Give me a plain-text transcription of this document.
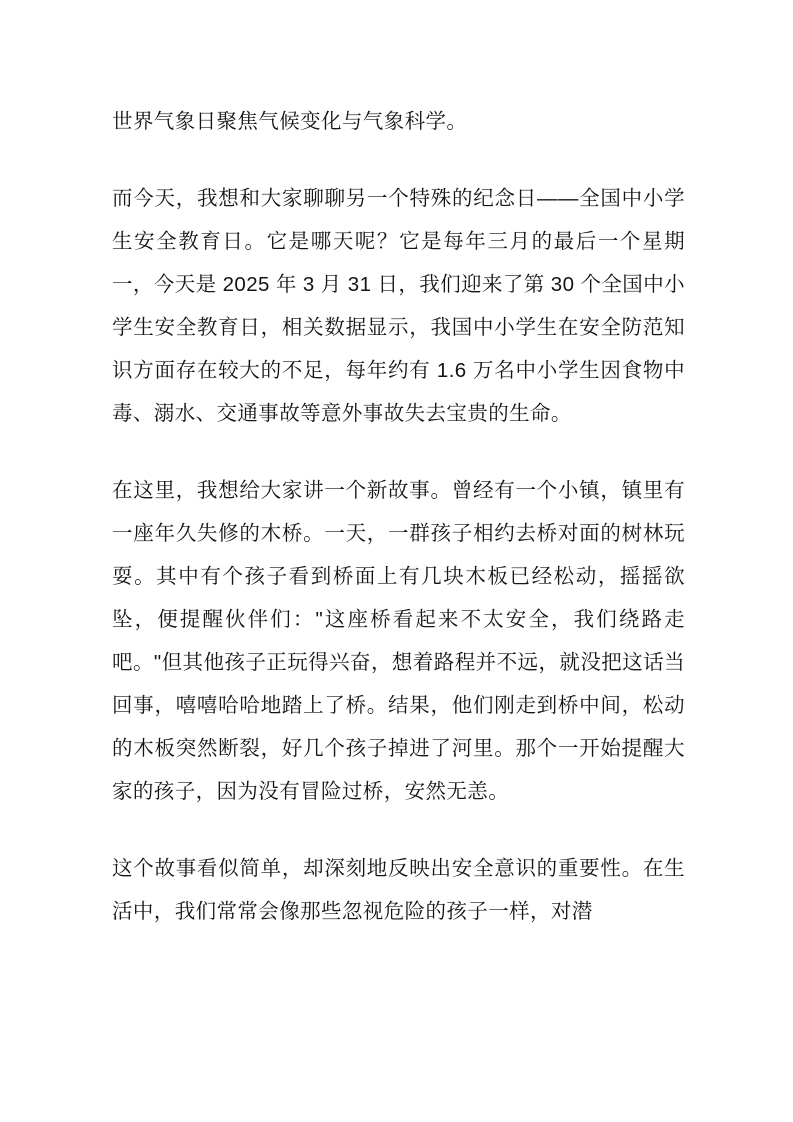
世界气象日聚焦气候变化与气象科学。

而今天，我想和大家聊聊另一个特殊的纪念日——全国中小学生安全教育日。它是哪天呢？它是每年三月的最后一个星期一，今天是 2025 年 3 月 31 日，我们迎来了第 30 个全国中小学生安全教育日，相关数据显示，我国中小学生在安全防范知识方面存在较大的不足，每年约有 1.6 万名中小学生因食物中毒、溺水、交通事故等意外事故失去宝贵的生命。

在这里，我想给大家讲一个新故事。曾经有一个小镇，镇里有一座年久失修的木桥。一天，一群孩子相约去桥对面的树林玩耍。其中有个孩子看到桥面上有几块木板已经松动，摇摇欲坠，便提醒伙伴们："这座桥看起来不太安全，我们绕路走吧。"但其他孩子正玩得兴奋，想着路程并不远，就没把这话当回事，嘻嘻哈哈地踏上了桥。结果，他们刚走到桥中间，松动的木板突然断裂，好几个孩子掉进了河里。那个一开始提醒大家的孩子，因为没有冒险过桥，安然无恙。

这个故事看似简单，却深刻地反映出安全意识的重要性。在生活中，我们常常会像那些忽视危险的孩子一样，对潜
